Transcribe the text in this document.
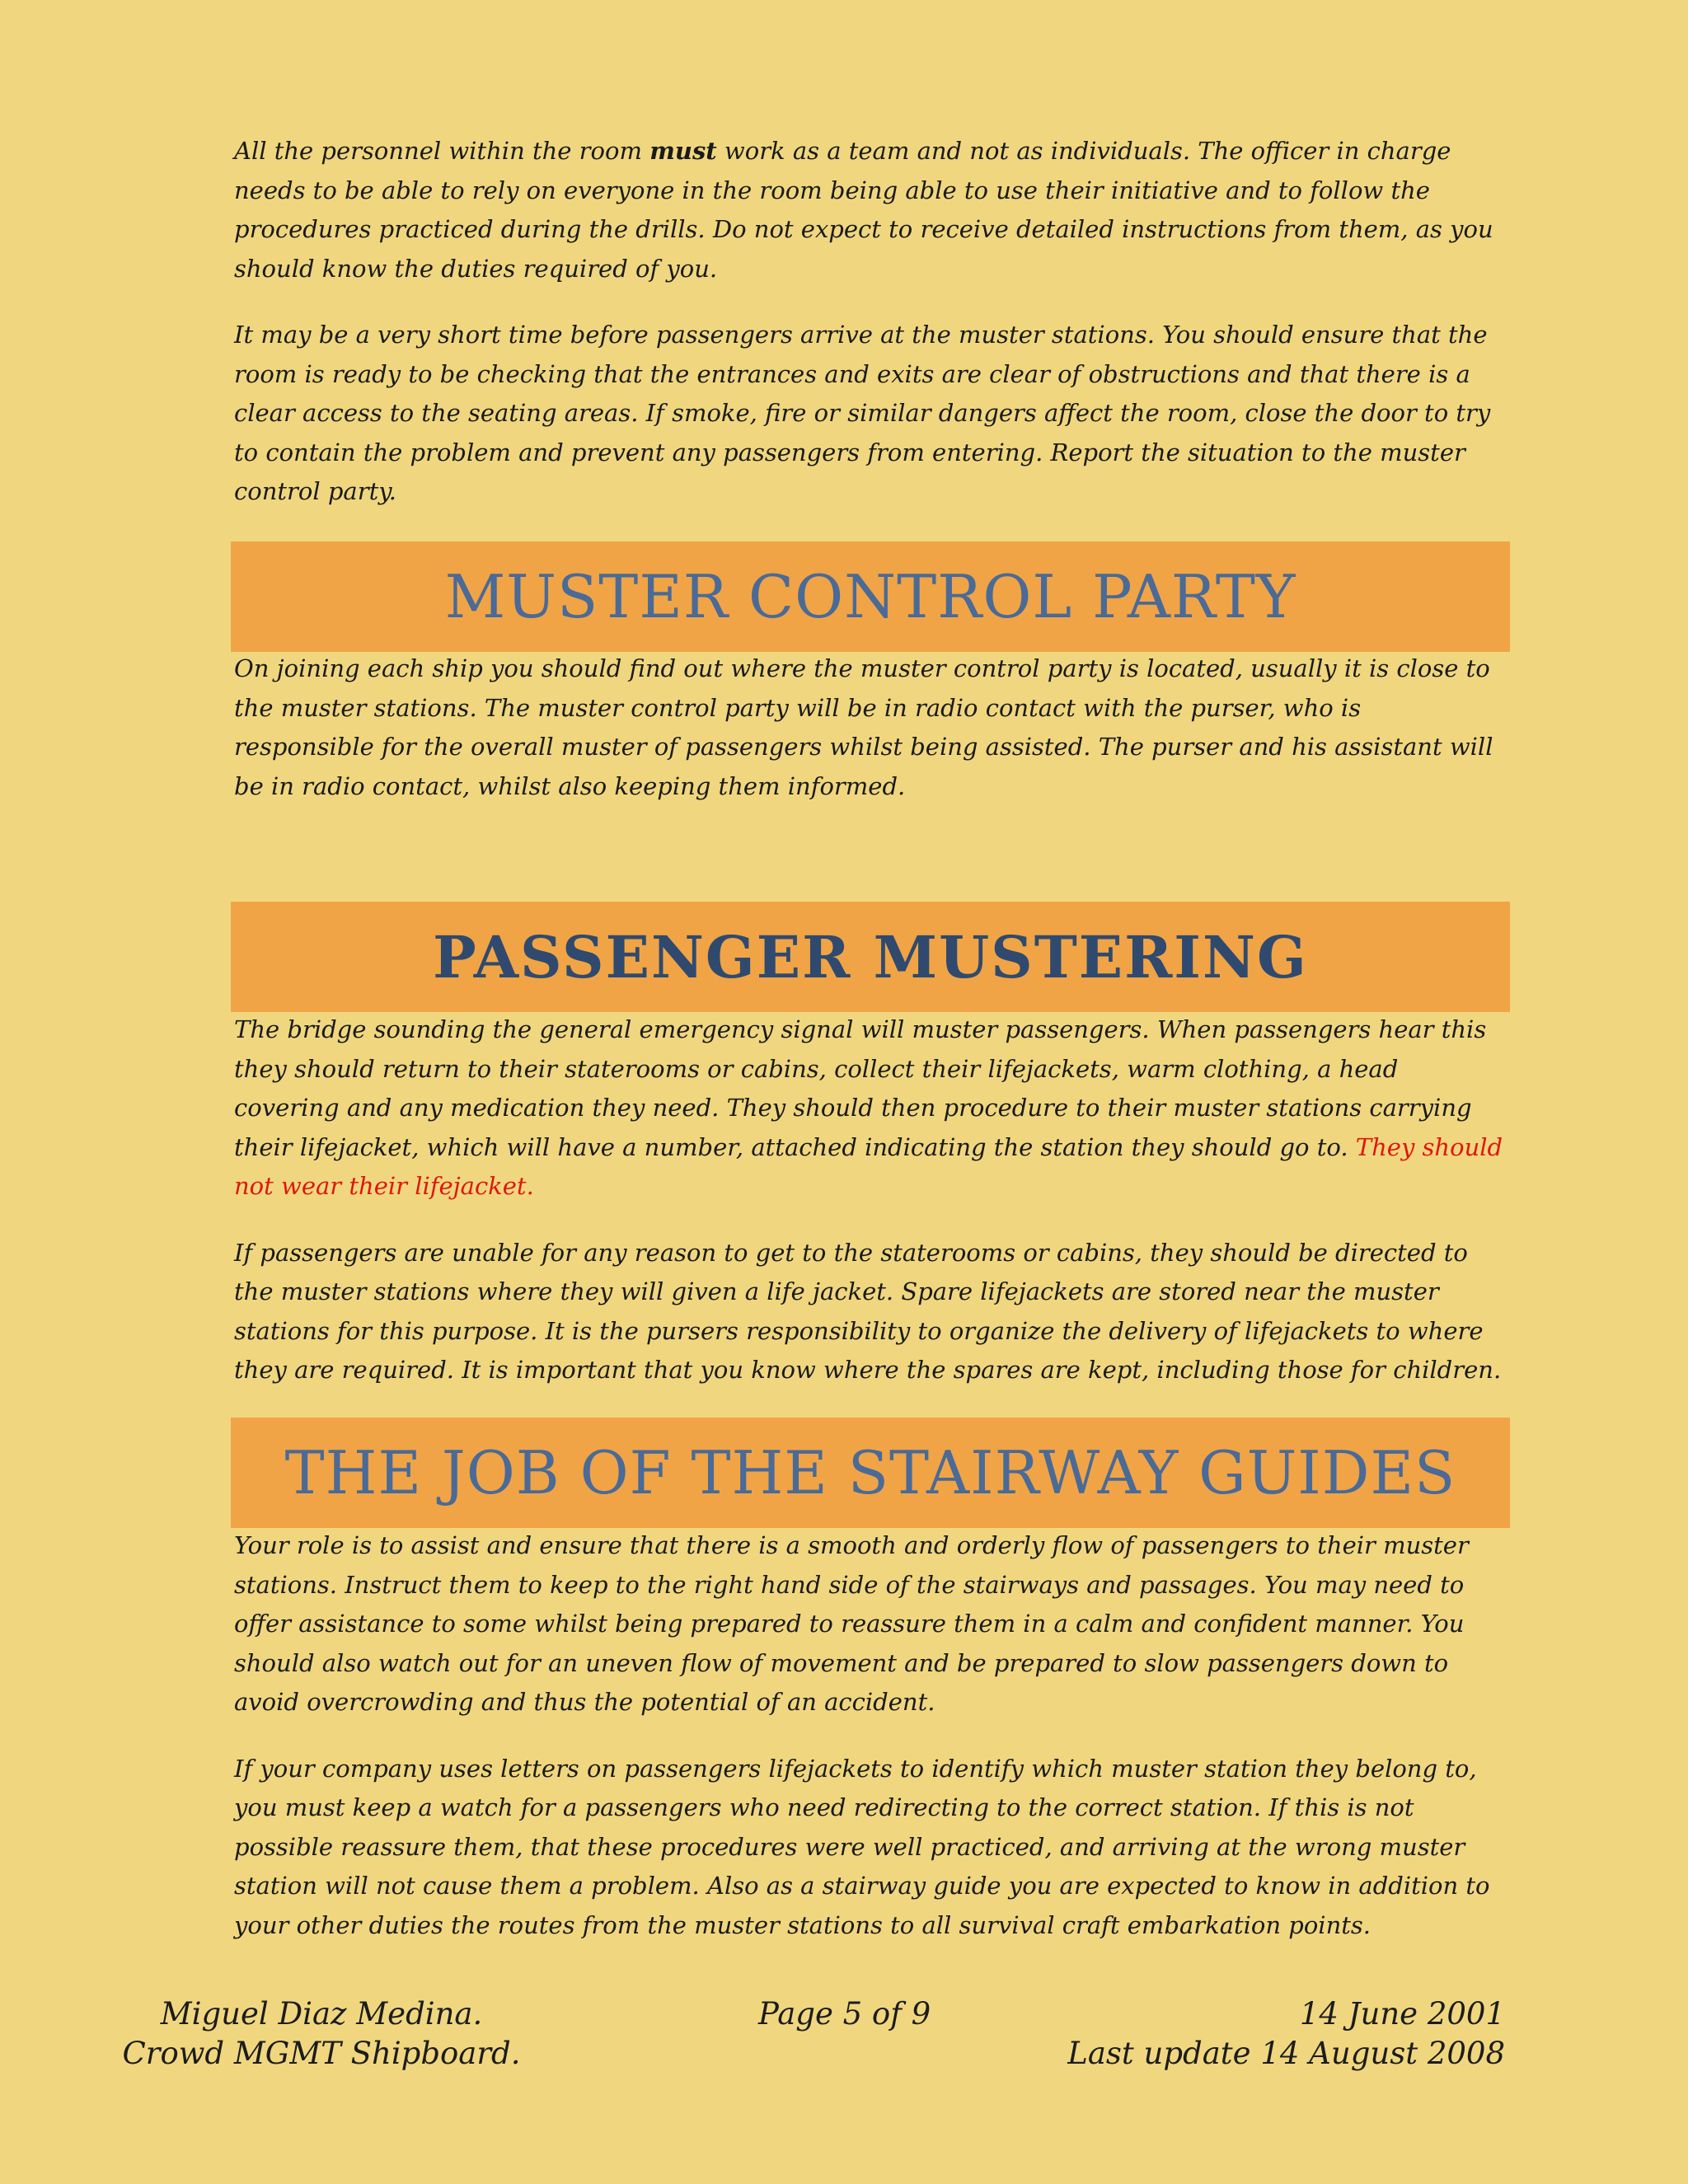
All the personnel within the room must work as a team and not as individuals. The officer in charge needs to be able to rely on everyone in the room being able to use their initiative and to follow the procedures practiced during the drills. Do not expect to receive detailed instructions from them, as you should know the duties required of you.

It may be a very short time before passengers arrive at the muster stations. You should ensure that the room is ready to be checking that the entrances and exits are clear of obstructions and that there is a clear access to the seating areas. If smoke, fire or similar dangers affect the room, close the door to try to contain the problem and prevent any passengers from entering. Report the situation to the muster control party.

MUSTER CONTROL PARTY

On joining each ship you should find out where the muster control party is located, usually it is close to the muster stations. The muster control party will be in radio contact with the purser, who is responsible for the overall muster of passengers whilst being assisted. The purser and his assistant will be in radio contact, whilst also keeping them informed.

PASSENGER MUSTERING

The bridge sounding the general emergency signal will muster passengers. When passengers hear this they should return to their staterooms or cabins, collect their lifejackets, warm clothing, a head covering and any medication they need. They should then procedure to their muster stations carrying their lifejacket, which will have a number, attached indicating the station they should go to. They should not wear their lifejacket.

If passengers are unable for any reason to get to the staterooms or cabins, they should be directed to the muster stations where they will given a life jacket. Spare lifejackets are stored near the muster stations for this purpose. It is the pursers responsibility to organize the delivery of lifejackets to where they are required. It is important that you know where the spares are kept, including those for children.

THE JOB OF THE STAIRWAY GUIDES

Your role is to assist and ensure that there is a smooth and orderly flow of passengers to their muster stations. Instruct them to keep to the right hand side of the stairways and passages. You may need to offer assistance to some whilst being prepared to reassure them in a calm and confident manner. You should also watch out for an uneven flow of movement and be prepared to slow passengers down to avoid overcrowding and thus the potential of an accident.

If your company uses letters on passengers lifejackets to identify which muster station they belong to, you must keep a watch for a passengers who need redirecting to the correct station. If this is not possible reassure them, that these procedures were well practiced, and arriving at the wrong muster station will not cause them a problem. Also as a stairway guide you are expected to know in addition to your other duties the routes from the muster stations to all survival craft embarkation points.

Miguel Diaz Medina.
Crowd MGMT Shipboard.
Page 5 of 9	14 June 2001
Last update 14 August 2008
